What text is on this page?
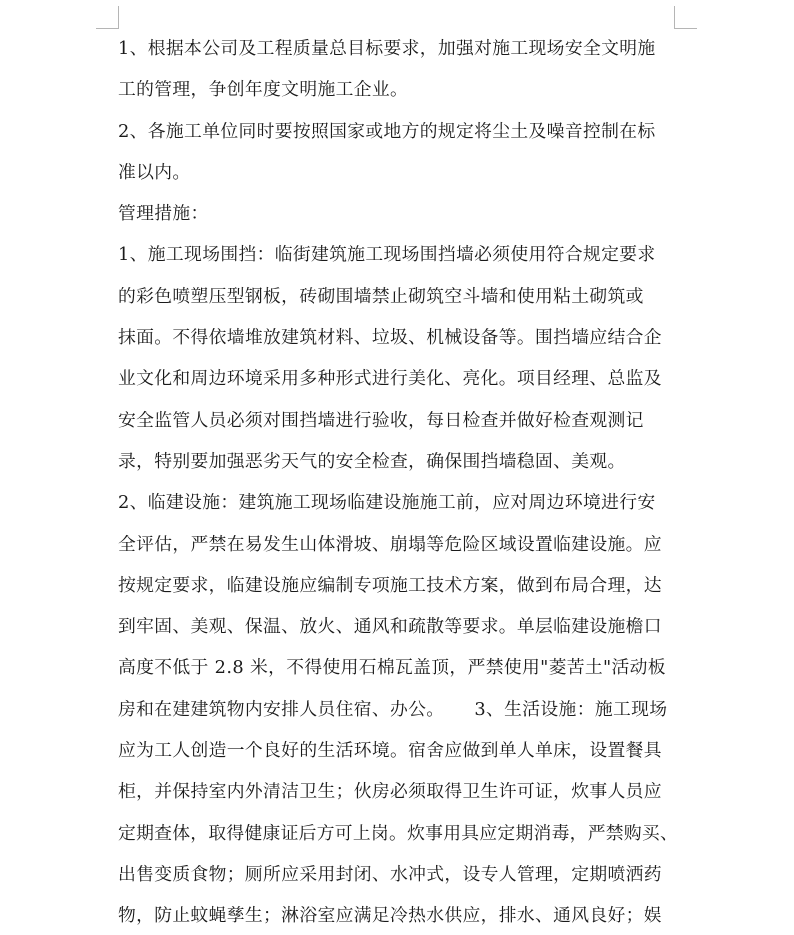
1、根据本公司及工程质量总目标要求，加强对施工现场安全文明施
工的管理，争创年度文明施工企业。

2、各施工单位同时要按照国家或地方的规定将尘土及噪音控制在标
准以内。

管理措施：

1、施工现场围挡：临街建筑施工现场围挡墙必须使用符合规定要求
的彩色喷塑压型钢板，砖砌围墙禁止砌筑空斗墙和使用粘土砌筑或
抹面。不得依墙堆放建筑材料、垃圾、机械设备等。围挡墙应结合企
业文化和周边环境采用多种形式进行美化、亮化。项目经理、总监及
安全监管人员必须对围挡墙进行验收，每日检查并做好检查观测记
录，特别要加强恶劣天气的安全检查，确保围挡墙稳固、美观。

2、临建设施：建筑施工现场临建设施施工前，应对周边环境进行安
全评估，严禁在易发生山体滑坡、崩塌等危险区域设置临建设施。应
按规定要求，临建设施应编制专项施工技术方案，做到布局合理，达
到牢固、美观、保温、放火、通风和疏散等要求。单层临建设施檐口
高度不低于 2.8 米，不得使用石棉瓦盖顶，严禁使用"菱苦土"活动板
房和在建建筑物内安排人员住宿、办公。     3、生活设施：施工现场
应为工人创造一个良好的生活环境。宿舍应做到单人单床，设置餐具
柜，并保持室内外清洁卫生；伙房必须取得卫生许可证，炊事人员应
定期查体，取得健康证后方可上岗。炊事用具应定期消毒，严禁购买、
出售变质食物；厕所应采用封闭、水冲式，设专人管理，定期喷洒药
物，防止蚊蝇孳生；淋浴室应满足冷热水供应，排水、通风良好；娱
